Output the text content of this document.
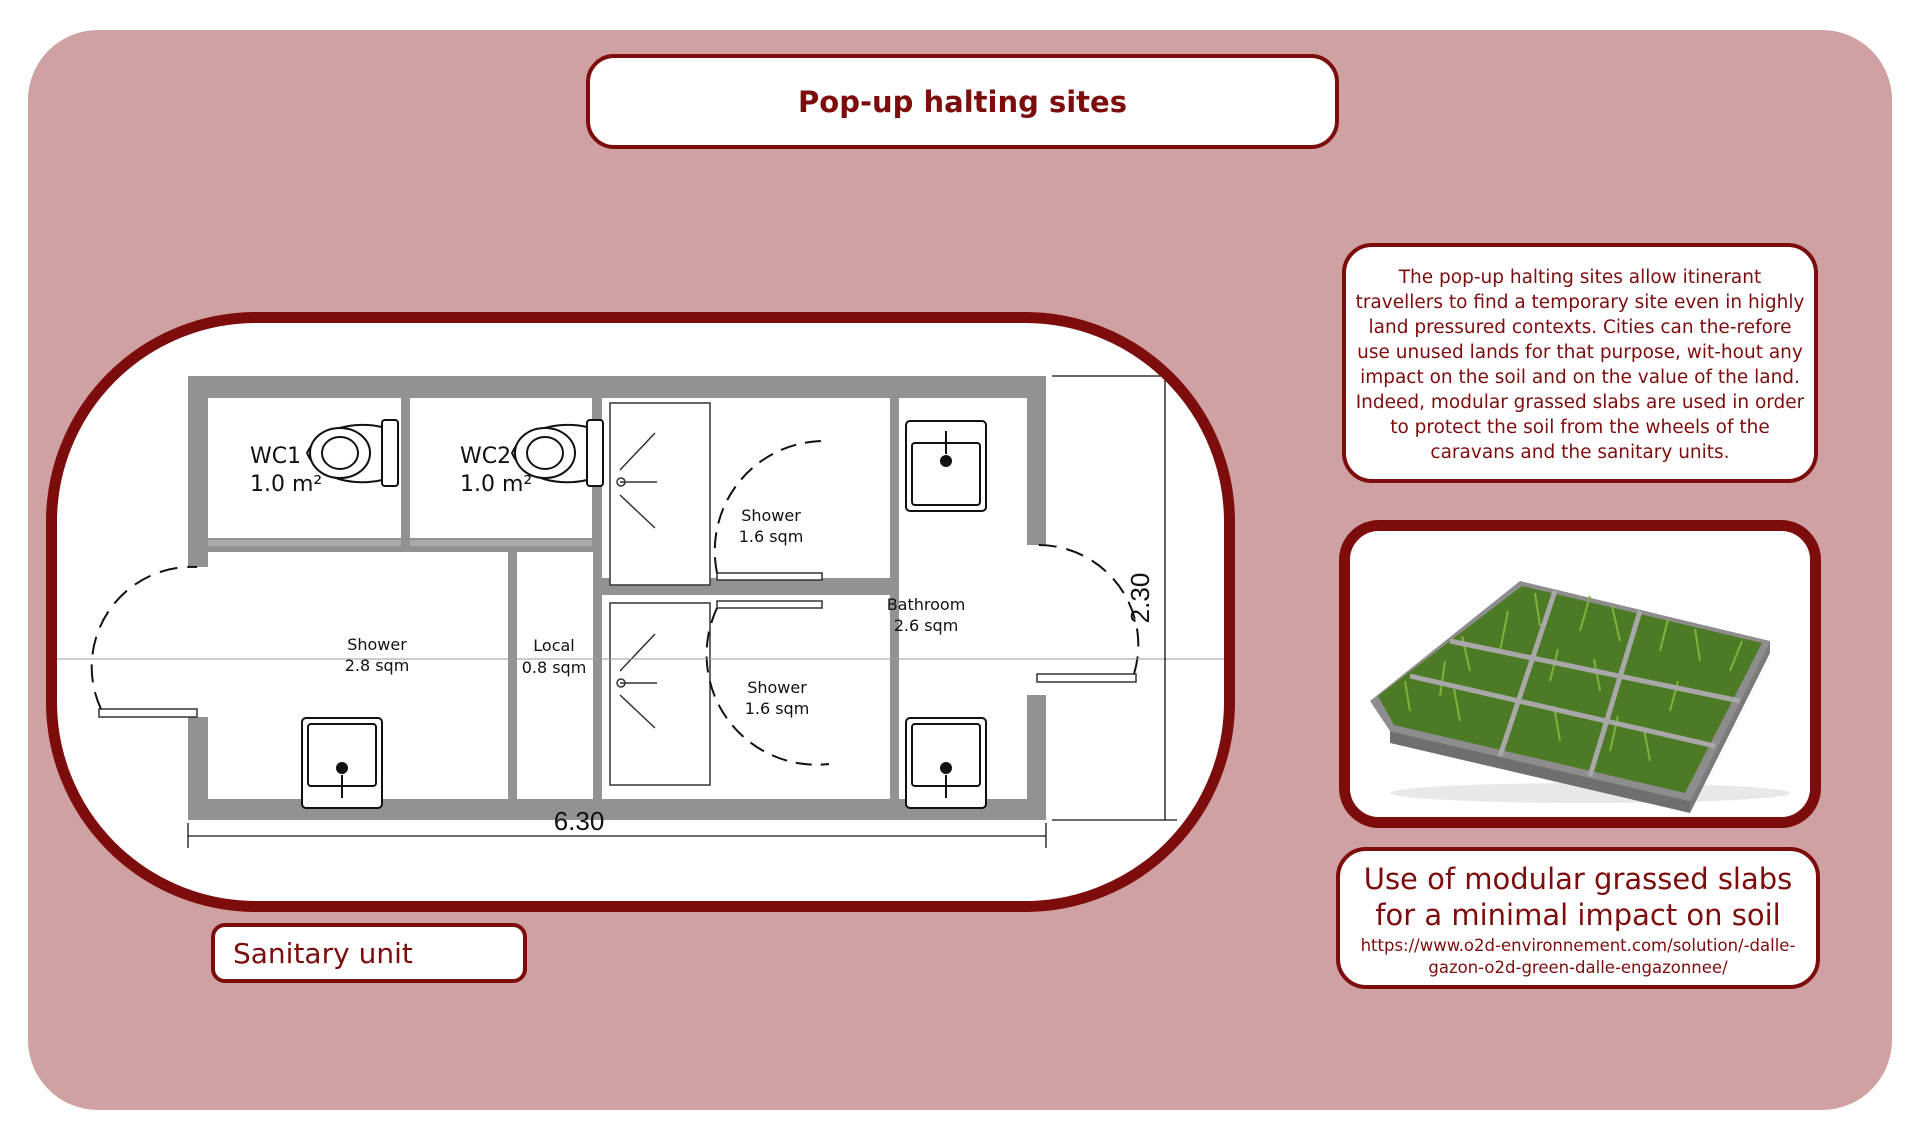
Pop-up halting sites
WC1
1.0 m²
WC2
1.0 m²
Shower
2.8 sqm
Local
0.8 sqm
Shower
1.6 sqm
Shower
1.6 sqm
Bathroom
2.6 sqm
6.30
2.30
Sanitary unit
The pop-up halting sites allow itinerant travellers to find a temporary site even in highly land pressured contexts. Cities can the-refore use unused lands for that purpose, wit-hout any impact on the soil and on the value of the land. Indeed, modular grassed slabs are used in order to protect the soil from the wheels of the caravans and the sanitary units.
Use of modular grassed slabs for a minimal impact on soil
https://www.o2d-environnement.com/solution/-dalle-gazon-o2d-green-dalle-engazonnee/
